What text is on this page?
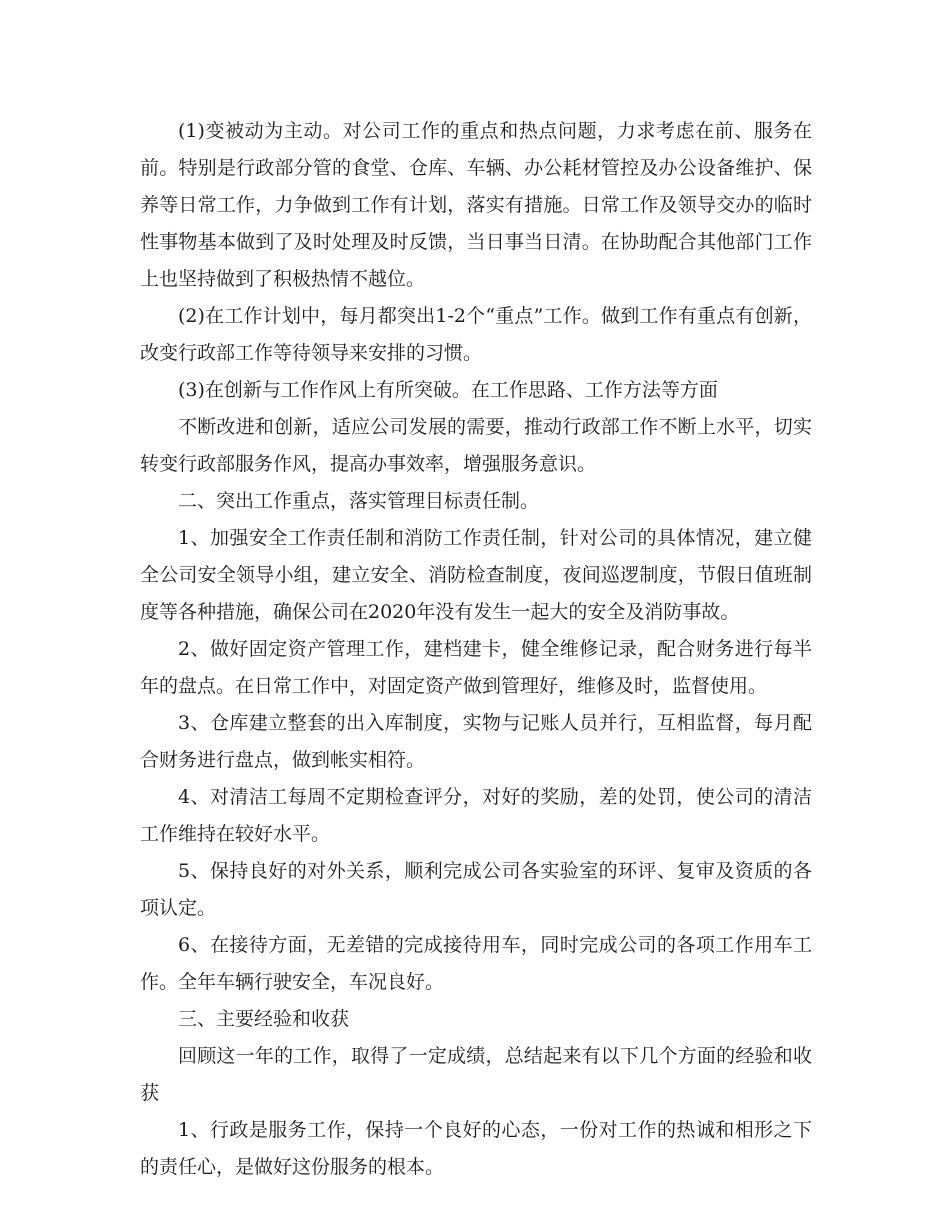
(1)变被动为主动。对公司工作的重点和热点问题，力求考虑在前、服务在前。特别是行政部分管的食堂、仓库、车辆、办公耗材管控及办公设备维护、保养等日常工作，力争做到工作有计划，落实有措施。日常工作及领导交办的临时性事物基本做到了及时处理及时反馈，当日事当日清。在协助配合其他部门工作上也坚持做到了积极热情不越位。

(2)在工作计划中，每月都突出1-2个“重点”工作。做到工作有重点有创新，改变行政部工作等待领导来安排的习惯。

(3)在创新与工作作风上有所突破。在工作思路、工作方法等方面

不断改进和创新，适应公司发展的需要，推动行政部工作不断上水平，切实转变行政部服务作风，提高办事效率，增强服务意识。

二、突出工作重点，落实管理目标责任制。

1、加强安全工作责任制和消防工作责任制，针对公司的具体情况，建立健全公司安全领导小组，建立安全、消防检查制度，夜间巡逻制度，节假日值班制度等各种措施，确保公司在2020年没有发生一起大的安全及消防事故。

2、做好固定资产管理工作，建档建卡，健全维修记录，配合财务进行每半年的盘点。在日常工作中，对固定资产做到管理好，维修及时，监督使用。

3、仓库建立整套的出入库制度，实物与记账人员并行，互相监督，每月配合财务进行盘点，做到帐实相符。

4、对清洁工每周不定期检查评分，对好的奖励，差的处罚，使公司的清洁工作维持在较好水平。

5、保持良好的对外关系，顺利完成公司各实验室的环评、复审及资质的各项认定。

6、在接待方面，无差错的完成接待用车，同时完成公司的各项工作用车工作。全年车辆行驶安全，车况良好。

三、主要经验和收获

回顾这一年的工作，取得了一定成绩，总结起来有以下几个方面的经验和收获

1、行政是服务工作，保持一个良好的心态，一份对工作的热诚和相形之下的责任心，是做好这份服务的根本。
